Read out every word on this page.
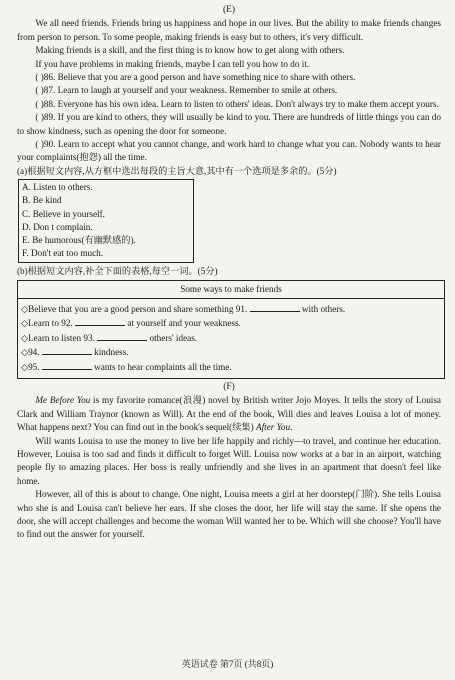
(E)

We all need friends. Friends bring us happiness and hope in our lives. But the ability to make friends changes from person to person. To some people, making friends is easy but to others, it's very difficult.

Making friends is a skill, and the first thing is to know how to get along with others.

If you have problems in making friends, maybe I can tell you how to do it.

( )86. Believe that you are a good person and have something nice to share with others.

( )87. Learn to laugh at yourself and your weakness. Remember to smile at others.

( )88. Everyone has his own idea. Learn to listen to others' ideas. Don't always try to make them accept yours.

( )89. If you are kind to others, they will usually be kind to you. There are hundreds of little things you can do to show kindness, such as opening the door for someone.

( )90. Learn to accept what you cannot change, and work hard to change what you can. Nobody wants to hear your complaints(抱怨) all the time.

(a)根据短文内容,从方框中选出每段的主旨大意,其中有一个选项是多余的。(5分)

A. Listen to others.
B. Be kind
C. Believe in yourself.
D. Don t complain.
E. Be humorous(有幽默感的).
F. Don't eat too much.

(b)根据短文内容,补全下面的表格,每空一词。(5分)

Some ways to make friends

◇Believe that you are a good person and share something 91.	with others.
◇Learn to 92.	at yourself and your weakness.
◇Learn to listen 93.	others' ideas.
◇94.	kindness.
◇95.	wants to hear complaints all the time.
(F)

Me Before You is my favorite romance(浪漫) novel by British writer Jojo Moyes. It tells the story of Louisa Clark and William Traynor (known as Will). At the end of the book, Will dies and leaves Louisa a lot of money. What happens next? You can find out in the book's sequel(续集) After You.

Will wants Louisa to use the money to live her life happily and richly—to travel, and continue her education. However, Louisa is too sad and finds it difficult to forget Will. Louisa now works at a bar in an airport, watching people fly to amazing places. Her boss is really unfriendly and she lives in an apartment that doesn't feel like home.

However, all of this is about to change. One night, Louisa meets a girl at her doorstep(门阶). She tells Louisa who she is and Louisa can't believe her ears. If she closes the door, her life will stay the same. If she opens the door, she will accept challenges and become the woman Will wanted her to be. Which will she choose? You'll have to find out the answer for yourself.

英语试卷 第7页 (共8页)
